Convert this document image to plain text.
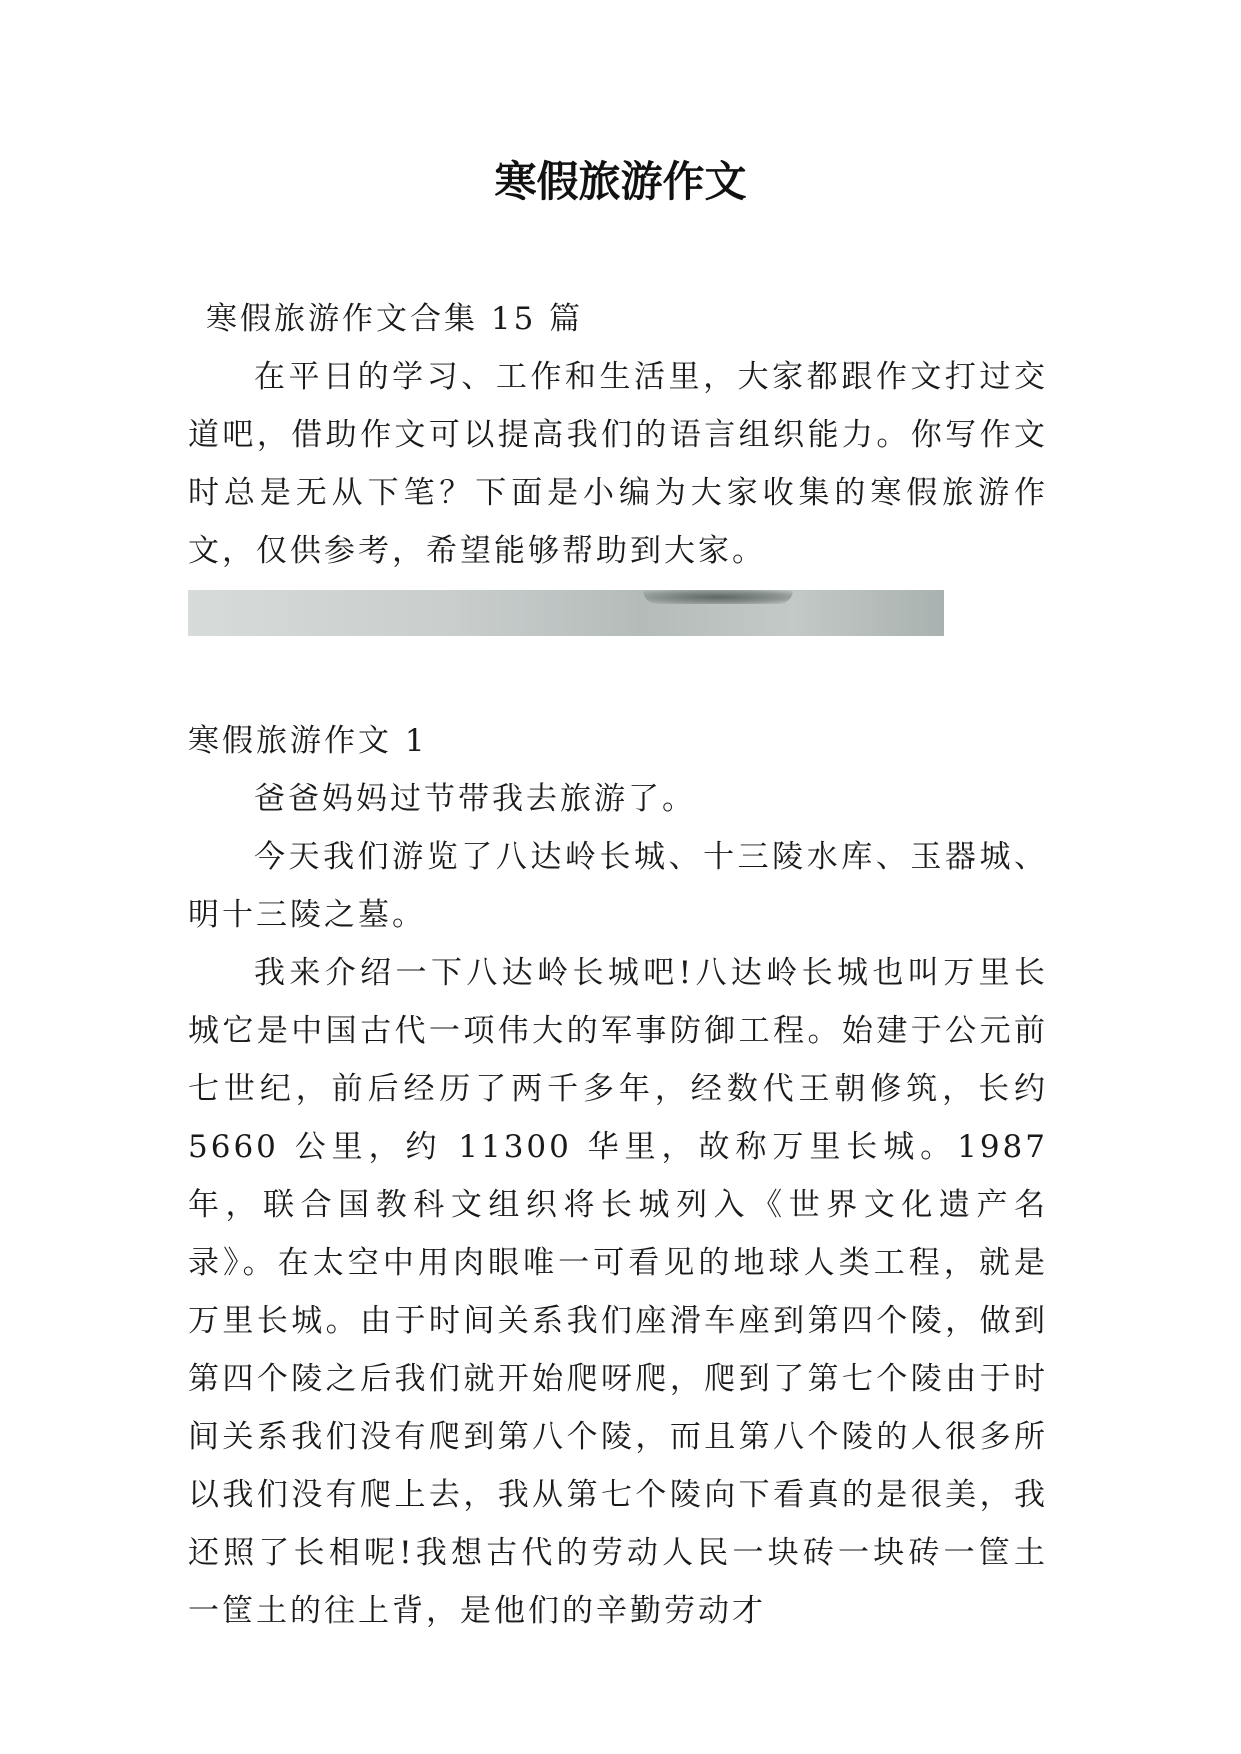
寒假旅游作文

寒假旅游作文合集 15 篇

在平日的学习、工作和生活里，大家都跟作文打过交道吧，借助作文可以提高我们的语言组织能力。你写作文时总是无从下笔？下面是小编为大家收集的寒假旅游作文，仅供参考，希望能够帮助到大家。

寒假旅游作文 1

爸爸妈妈过节带我去旅游了。

今天我们游览了八达岭长城、十三陵水库、玉器城、明十三陵之墓。

我来介绍一下八达岭长城吧!八达岭长城也叫万里长城它是中国古代一项伟大的军事防御工程。始建于公元前七世纪，前后经历了两千多年，经数代王朝修筑，长约 5660 公里，约 11300 华里，故称万里长城。1987 年，联合国教科文组织将长城列入《世界文化遗产名录》。在太空中用肉眼唯一可看见的地球人类工程，就是万里长城。由于时间关系我们座滑车座到第四个陵，做到第四个陵之后我们就开始爬呀爬，爬到了第七个陵由于时间关系我们没有爬到第八个陵，而且第八个陵的人很多所以我们没有爬上去，我从第七个陵向下看真的是很美，我还照了长相呢!我想古代的劳动人民一块砖一块砖一筐土一筐土的往上背，是他们的辛勤劳动才
